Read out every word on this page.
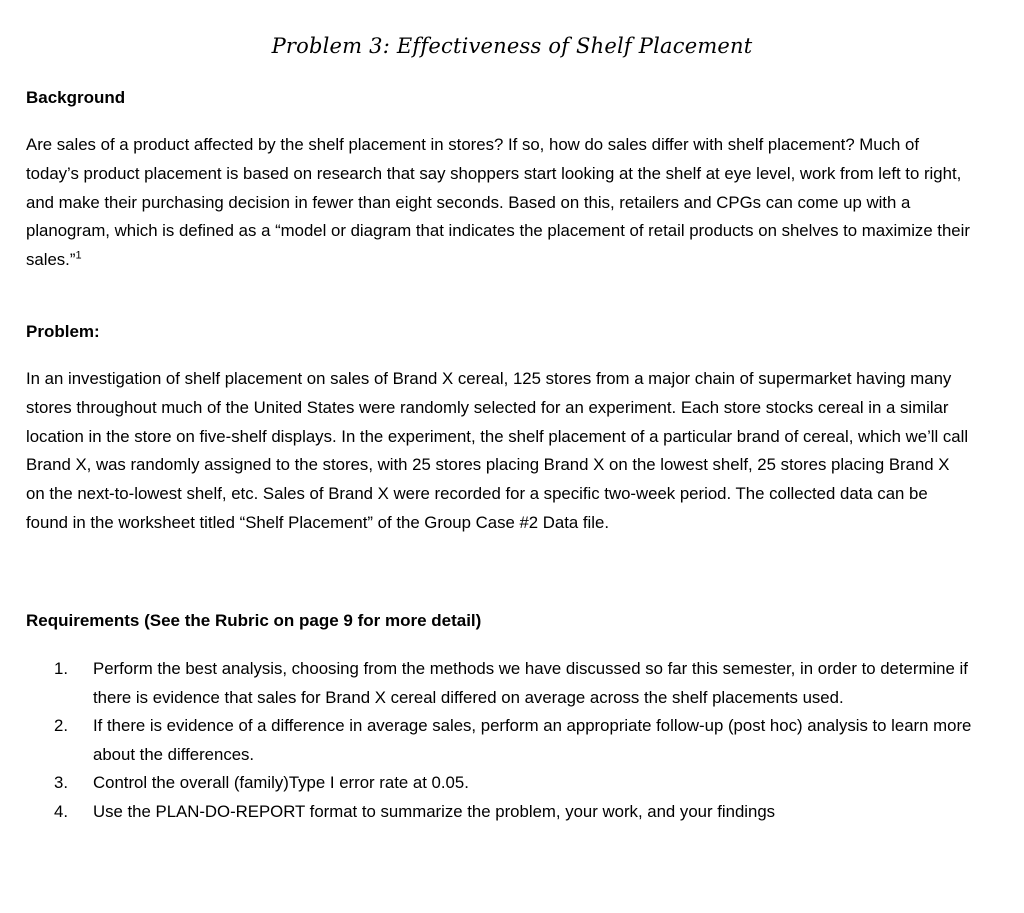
Problem 3: Effectiveness of Shelf Placement
Background

Are sales of a product affected by the shelf placement in stores? If so, how do sales differ with shelf placement? Much of today’s product placement is based on research that say shoppers start looking at the shelf at eye level, work from left to right, and make their purchasing decision in fewer than eight seconds. Based on this, retailers and CPGs can come up with a planogram, which is defined as a “model or diagram that indicates the placement of retail products on shelves to maximize their sales.”$^1$

Problem:

In an investigation of shelf placement on sales of Brand X cereal, 125 stores from a major chain of supermarket having many stores throughout much of the United States were randomly selected for an experiment. Each store stocks cereal in a similar location in the store on five-shelf displays. In the experiment, the shelf placement of a particular brand of cereal, which we’ll call Brand X, was randomly assigned to the stores, with 25 stores placing Brand X on the lowest shelf, 25 stores placing Brand X on the next-to-lowest shelf, etc. Sales of Brand X were recorded for a specific two-week period. The collected data can be found in the worksheet titled “Shelf Placement” of the Group Case #2 Data file.

Requirements (See the Rubric on page 9 for more detail)
1. Perform the best analysis, choosing from the methods we have discussed so far this semester, in order to determine if there is evidence that sales for Brand X cereal differed on average across the shelf placements used.
2. If there is evidence of a difference in average sales, perform an appropriate follow-up (post hoc) analysis to learn more about the differences.
3. Control the overall (family)Type I error rate at 0.05.
4. Use the PLAN-DO-REPORT format to summarize the problem, your work, and your findings
